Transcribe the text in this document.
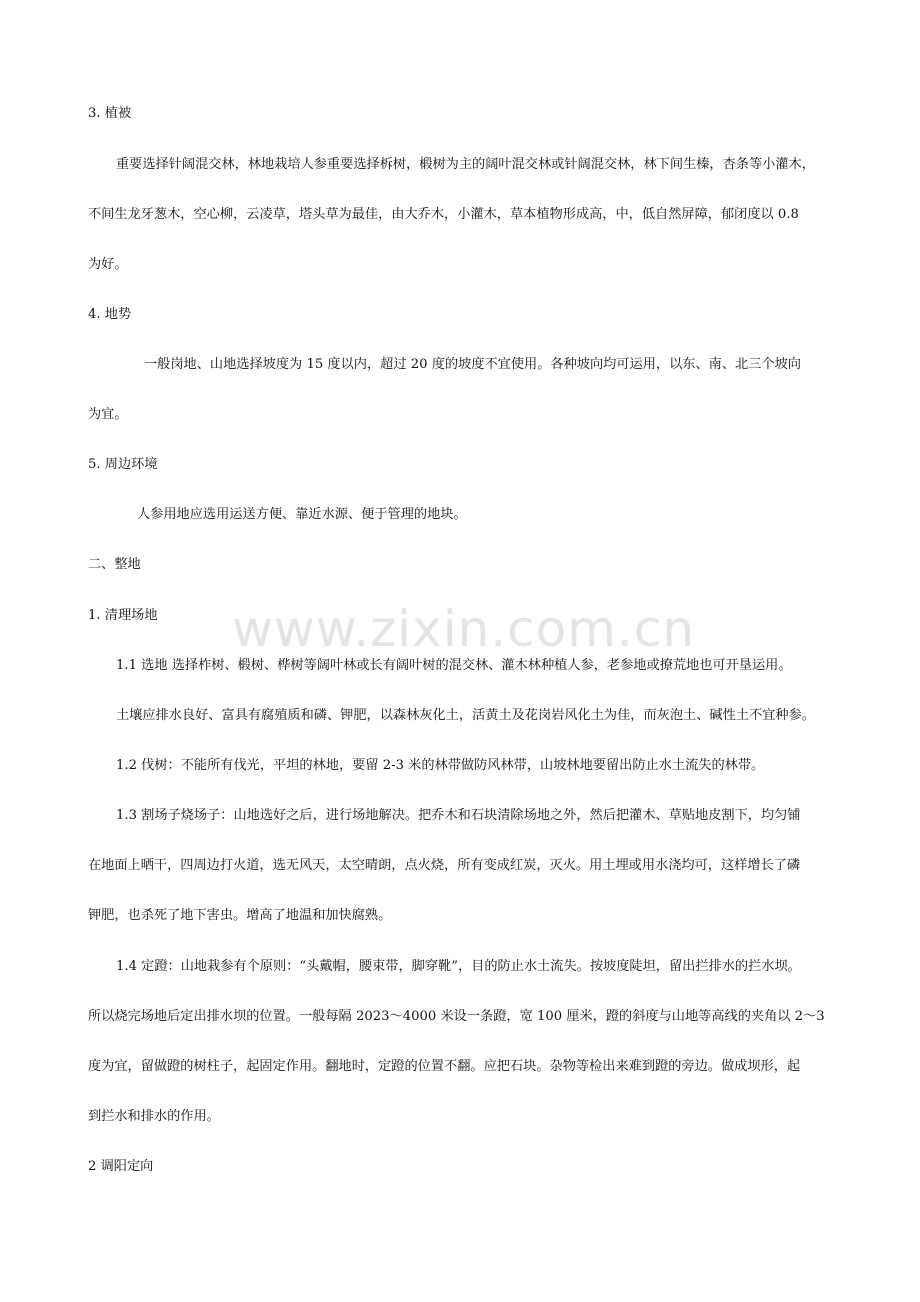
www.zixin.com.cn
3. 植被
重要选择针阔混交林，林地栽培人参重要选择柝树，椴树为主的阔叶混交林或针阔混交林，林下间生榛，杏条等小灌木，
不间生龙牙葱木，空心柳，云凌草，塔头草为最佳，由大乔木，小灌木，草本植物形成高，中，低自然屏障，郁闭度以 0.8
为好。
4. 地势
一般岗地、山地选择坡度为 15 度以内，超过 20 度的坡度不宜使用。各种坡向均可运用，以东、南、北三个坡向
为宜。
5. 周边环境
人参用地应选用运送方便、靠近水源、便于管理的地块。
二、整地
1. 清理场地
1.1 选地 选择柞树、椴树、桦树等阔叶林或长有阔叶树的混交林、灌木林种植人参，老参地或撩荒地也可开垦运用。
土壤应排水良好、富具有腐殖质和磷、钾肥，以森林灰化土，活黄土及花岗岩风化土为佳，而灰泡土、碱性土不宜种参。
1.2 伐树：不能所有伐光，平坦的林地，要留 2-3 米的林带做防风林带，山坡林地要留出防止水土流失的林带。
1.3 割场子烧场子：山地选好之后，进行场地解决。把乔木和石块清除场地之外，然后把灌木、草贴地皮割下，均匀铺
在地面上晒干，四周边打火道，选无风天，太空晴朗，点火烧，所有变成红炭，灭火。用土埋或用水浇均可，这样增长了磷
钾肥，也杀死了地下害虫。增高了地温和加快腐熟。
1.4 定蹬：山地栽参有个原则：“头戴帽，腰束带，脚穿靴”，目的防止水土流失。按坡度陡坦，留出拦排水的拦水坝。
所以烧完场地后定出排水坝的位置。一般每隔 2023～4000 米设一条蹬，宽 100 厘米，蹬的斜度与山地等高线的夹角以 2～3
度为宜，留做蹬的树柱子，起固定作用。翻地时，定蹬的位置不翻。应把石块。杂物等检出来难到蹬的旁边。做成坝形，起
到拦水和排水的作用。
2 调阳定向
